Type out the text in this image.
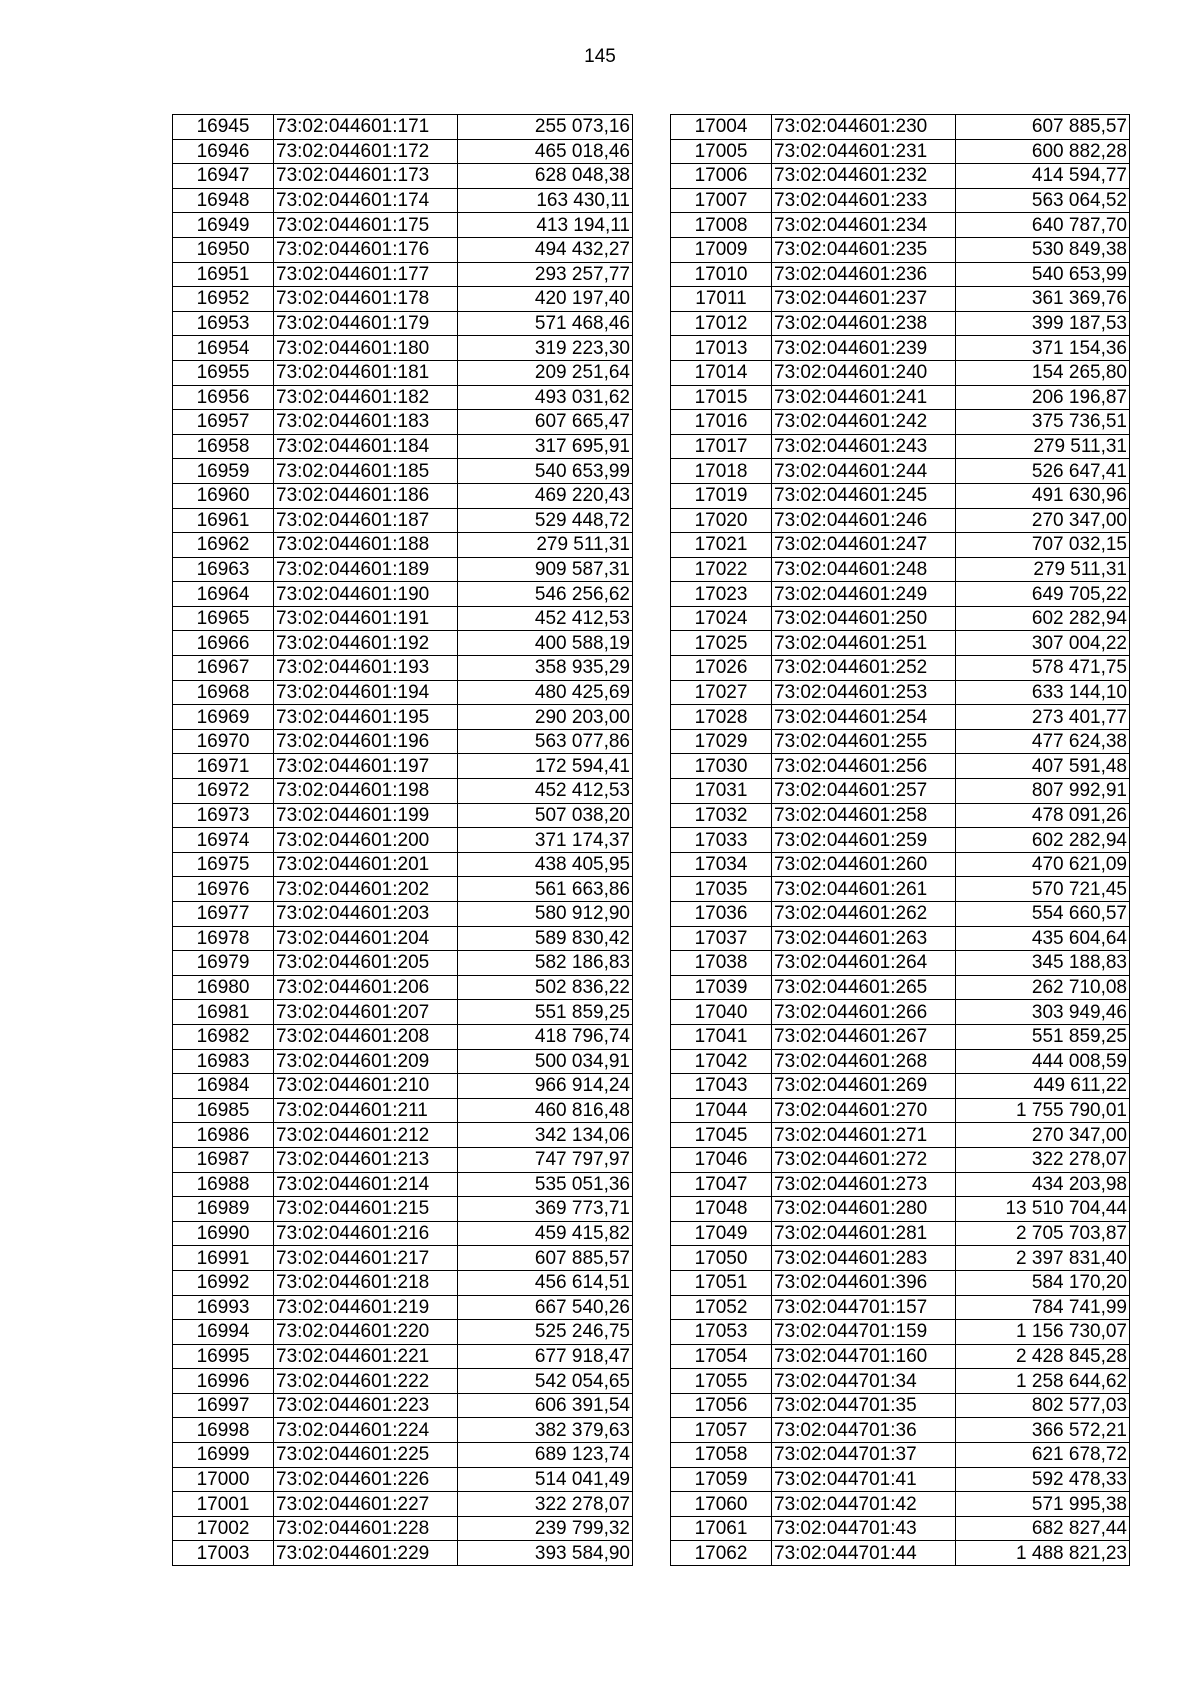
145
16945	73:02:044601:171	255 073,16
16946	73:02:044601:172	465 018,46
16947	73:02:044601:173	628 048,38
16948	73:02:044601:174	163 430,11
16949	73:02:044601:175	413 194,11
16950	73:02:044601:176	494 432,27
16951	73:02:044601:177	293 257,77
16952	73:02:044601:178	420 197,40
16953	73:02:044601:179	571 468,46
16954	73:02:044601:180	319 223,30
16955	73:02:044601:181	209 251,64
16956	73:02:044601:182	493 031,62
16957	73:02:044601:183	607 665,47
16958	73:02:044601:184	317 695,91
16959	73:02:044601:185	540 653,99
16960	73:02:044601:186	469 220,43
16961	73:02:044601:187	529 448,72
16962	73:02:044601:188	279 511,31
16963	73:02:044601:189	909 587,31
16964	73:02:044601:190	546 256,62
16965	73:02:044601:191	452 412,53
16966	73:02:044601:192	400 588,19
16967	73:02:044601:193	358 935,29
16968	73:02:044601:194	480 425,69
16969	73:02:044601:195	290 203,00
16970	73:02:044601:196	563 077,86
16971	73:02:044601:197	172 594,41
16972	73:02:044601:198	452 412,53
16973	73:02:044601:199	507 038,20
16974	73:02:044601:200	371 174,37
16975	73:02:044601:201	438 405,95
16976	73:02:044601:202	561 663,86
16977	73:02:044601:203	580 912,90
16978	73:02:044601:204	589 830,42
16979	73:02:044601:205	582 186,83
16980	73:02:044601:206	502 836,22
16981	73:02:044601:207	551 859,25
16982	73:02:044601:208	418 796,74
16983	73:02:044601:209	500 034,91
16984	73:02:044601:210	966 914,24
16985	73:02:044601:211	460 816,48
16986	73:02:044601:212	342 134,06
16987	73:02:044601:213	747 797,97
16988	73:02:044601:214	535 051,36
16989	73:02:044601:215	369 773,71
16990	73:02:044601:216	459 415,82
16991	73:02:044601:217	607 885,57
16992	73:02:044601:218	456 614,51
16993	73:02:044601:219	667 540,26
16994	73:02:044601:220	525 246,75
16995	73:02:044601:221	677 918,47
16996	73:02:044601:222	542 054,65
16997	73:02:044601:223	606 391,54
16998	73:02:044601:224	382 379,63
16999	73:02:044601:225	689 123,74
17000	73:02:044601:226	514 041,49
17001	73:02:044601:227	322 278,07
17002	73:02:044601:228	239 799,32
17003	73:02:044601:229	393 584,90
17004	73:02:044601:230	607 885,57
17005	73:02:044601:231	600 882,28
17006	73:02:044601:232	414 594,77
17007	73:02:044601:233	563 064,52
17008	73:02:044601:234	640 787,70
17009	73:02:044601:235	530 849,38
17010	73:02:044601:236	540 653,99
17011	73:02:044601:237	361 369,76
17012	73:02:044601:238	399 187,53
17013	73:02:044601:239	371 154,36
17014	73:02:044601:240	154 265,80
17015	73:02:044601:241	206 196,87
17016	73:02:044601:242	375 736,51
17017	73:02:044601:243	279 511,31
17018	73:02:044601:244	526 647,41
17019	73:02:044601:245	491 630,96
17020	73:02:044601:246	270 347,00
17021	73:02:044601:247	707 032,15
17022	73:02:044601:248	279 511,31
17023	73:02:044601:249	649 705,22
17024	73:02:044601:250	602 282,94
17025	73:02:044601:251	307 004,22
17026	73:02:044601:252	578 471,75
17027	73:02:044601:253	633 144,10
17028	73:02:044601:254	273 401,77
17029	73:02:044601:255	477 624,38
17030	73:02:044601:256	407 591,48
17031	73:02:044601:257	807 992,91
17032	73:02:044601:258	478 091,26
17033	73:02:044601:259	602 282,94
17034	73:02:044601:260	470 621,09
17035	73:02:044601:261	570 721,45
17036	73:02:044601:262	554 660,57
17037	73:02:044601:263	435 604,64
17038	73:02:044601:264	345 188,83
17039	73:02:044601:265	262 710,08
17040	73:02:044601:266	303 949,46
17041	73:02:044601:267	551 859,25
17042	73:02:044601:268	444 008,59
17043	73:02:044601:269	449 611,22
17044	73:02:044601:270	1 755 790,01
17045	73:02:044601:271	270 347,00
17046	73:02:044601:272	322 278,07
17047	73:02:044601:273	434 203,98
17048	73:02:044601:280	13 510 704,44
17049	73:02:044601:281	2 705 703,87
17050	73:02:044601:283	2 397 831,40
17051	73:02:044601:396	584 170,20
17052	73:02:044701:157	784 741,99
17053	73:02:044701:159	1 156 730,07
17054	73:02:044701:160	2 428 845,28
17055	73:02:044701:34	1 258 644,62
17056	73:02:044701:35	802 577,03
17057	73:02:044701:36	366 572,21
17058	73:02:044701:37	621 678,72
17059	73:02:044701:41	592 478,33
17060	73:02:044701:42	571 995,38
17061	73:02:044701:43	682 827,44
17062	73:02:044701:44	1 488 821,23
